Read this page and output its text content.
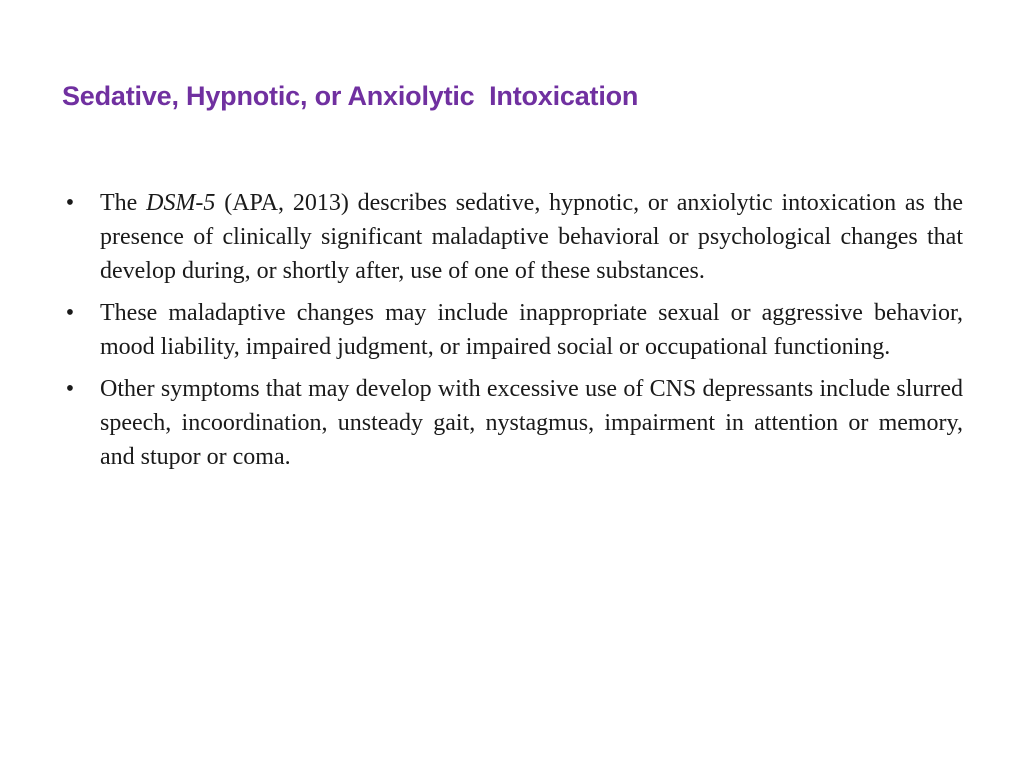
Sedative, Hypnotic, or Anxiolytic  Intoxication
• The DSM-5 (APA, 2013) describes sedative, hypnotic, or anxiolytic intoxication as the presence of clinically significant maladaptive behavioral or psychological changes that develop during, or shortly after, use of one of these substances.
• These maladaptive changes may include inappropriate sexual or aggressive behavior, mood liability, impaired judgment, or impaired social or occupational functioning.
• Other symptoms that may develop with excessive use of CNS depressants include slurred speech, incoordination, unsteady gait, nystagmus, impairment in attention or memory, and stupor or coma.
